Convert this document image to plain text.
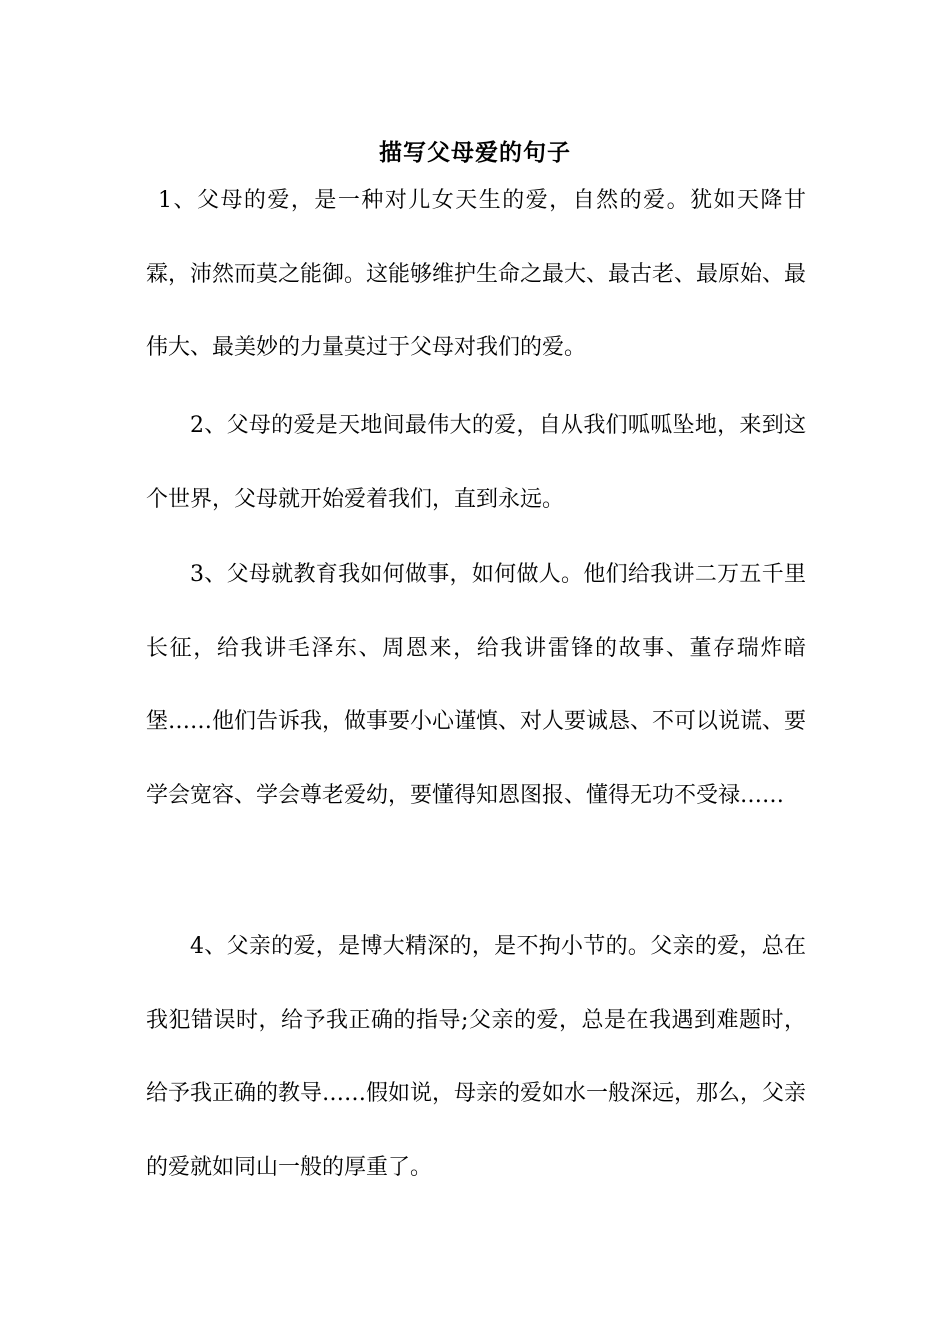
描写父母爱的句子

1、父母的爱，是一种对儿女天生的爱，自然的爱。犹如天降甘霖，沛然而莫之能御。这能够维护生命之最大、最古老、最原始、最伟大、最美妙的力量莫过于父母对我们的爱。

2、父母的爱是天地间最伟大的爱，自从我们呱呱坠地，来到这个世界，父母就开始爱着我们，直到永远。

3、父母就教育我如何做事，如何做人。他们给我讲二万五千里长征，给我讲毛泽东、周恩来，给我讲雷锋的故事、董存瑞炸暗堡……他们告诉我，做事要小心谨慎、对人要诚恳、不可以说谎、要学会宽容、学会尊老爱幼，要懂得知恩图报、懂得无功不受禄……

4、父亲的爱，是博大精深的，是不拘小节的。父亲的爱，总在我犯错误时，给予我正确的指导;父亲的爱，总是在我遇到难题时，给予我正确的教导……假如说，母亲的爱如水一般深远，那么，父亲的爱就如同山一般的厚重了。
